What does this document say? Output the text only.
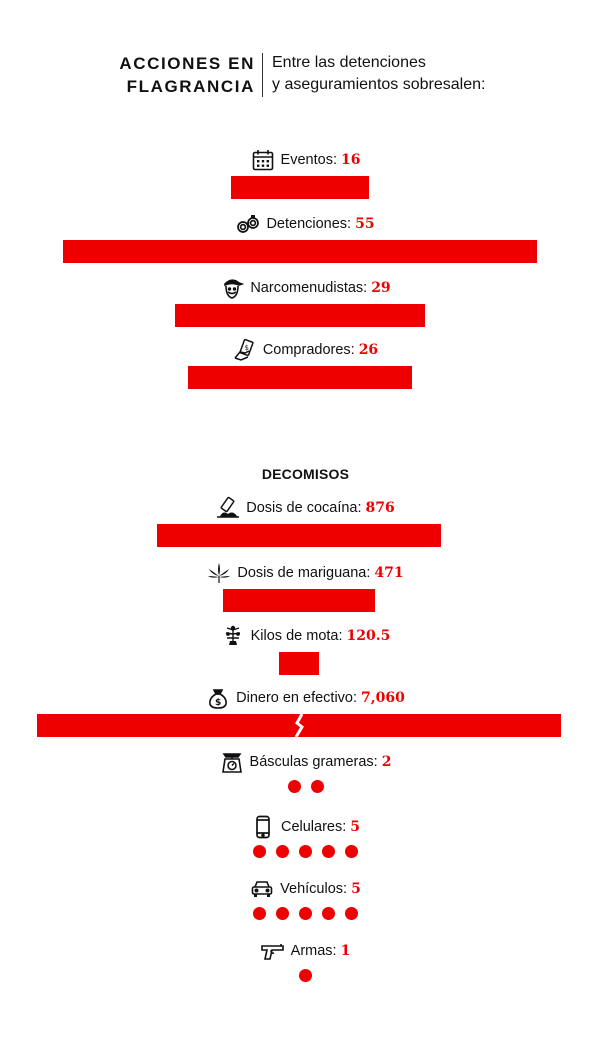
ACCIONES EN
FLAGRANCIA
Entre las detenciones
y aseguramientos sobresalen:
DECOMISOS
Eventos: 16
Detenciones: 55
Narcomenudistas: 29
$ Compradores: 26
Dosis de cocaína: 876
Dosis de mariguana: 471
Kilos de mota: 120.5
$ Dinero en efectivo: 7,060
Básculas grameras: 2
Celulares: 5
Vehículos: 5
Armas: 1
